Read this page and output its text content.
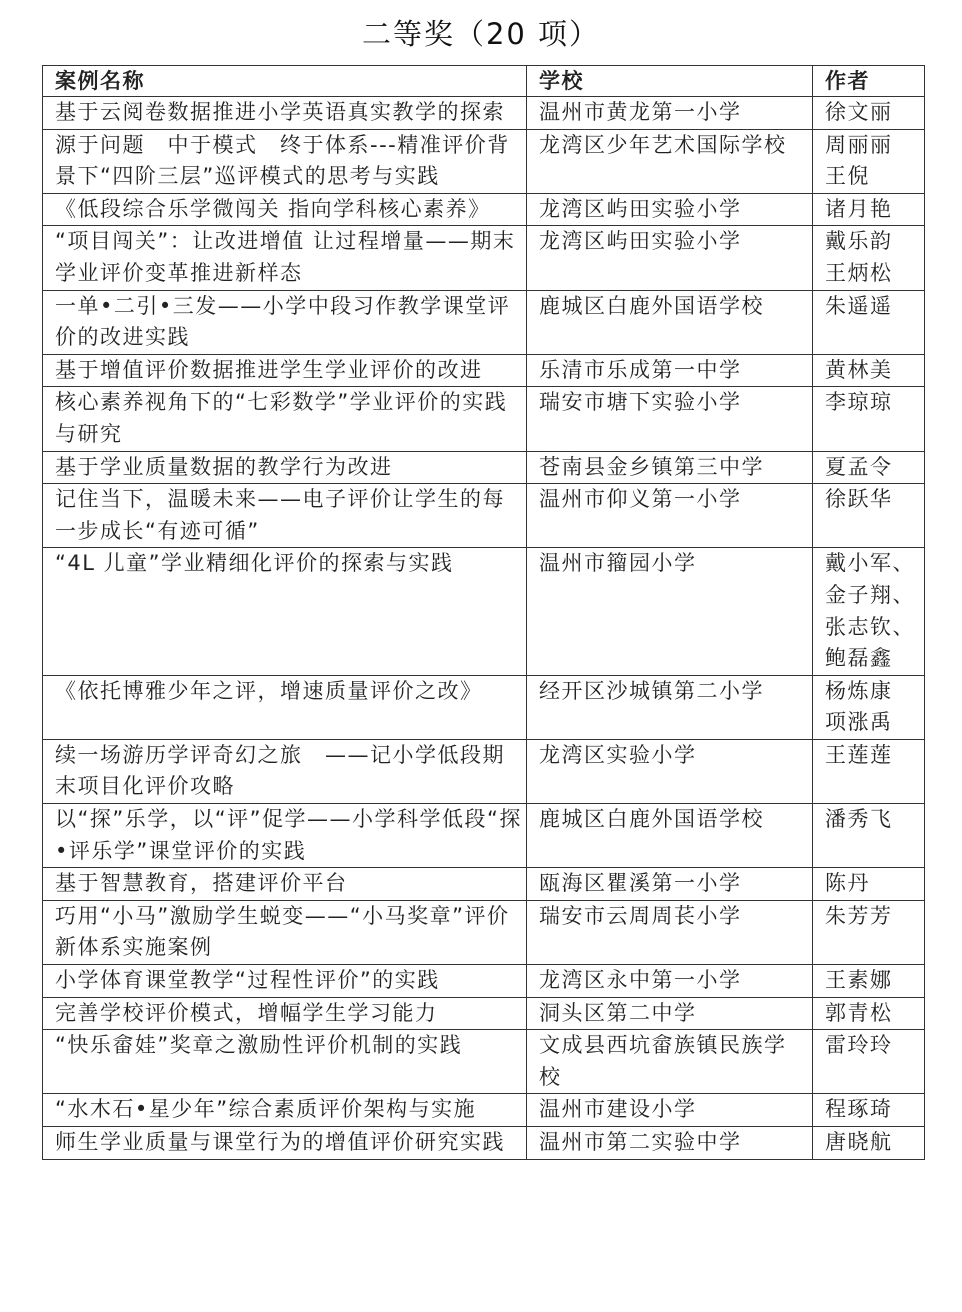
二等奖（20 项）
案例名称	学校	作者
基于云阅卷数据推进小学英语真实教学的探索	温州市黄龙第一小学	徐文丽
源于问题　中于模式　终于体系---精准评价背景下“四阶三层”巡评模式的思考与实践	龙湾区少年艺术国际学校	周丽丽 王倪
《低段综合乐学微闯关 指向学科核心素养》	龙湾区屿田实验小学	诸月艳
“项目闯关”：让改进增值 让过程增量——期末学业评价变革推进新样态	龙湾区屿田实验小学	戴乐韵 王炳松
一单•二引•三发——小学中段习作教学课堂评价的改进实践	鹿城区白鹿外国语学校	朱遥遥
基于增值评价数据推进学生学业评价的改进	乐清市乐成第一中学	黄林美
核心素养视角下的“七彩数学”学业评价的实践与研究	瑞安市塘下实验小学	李琼琼
基于学业质量数据的教学行为改进	苍南县金乡镇第三中学	夏孟令
记住当下，温暖未来——电子评价让学生的每一步成长“有迹可循”	温州市仰义第一小学	徐跃华
“4L 儿童”学业精细化评价的探索与实践	温州市籀园小学	戴小军、金子翔、张志钦、鲍磊鑫
《依托博雅少年之评，增速质量评价之改》	经开区沙城镇第二小学	杨炼康 项涨禹
续一场游历学评奇幻之旅　——记小学低段期末项目化评价攻略	龙湾区实验小学	王莲莲
以“探”乐学，以“评”促学——小学科学低段“探•评乐学”课堂评价的实践	鹿城区白鹿外国语学校	潘秀飞
基于智慧教育，搭建评价平台	瓯海区瞿溪第一小学	陈丹
巧用“小马”激励学生蜕变——“小马奖章”评价新体系实施案例	瑞安市云周周苌小学	朱芳芳
小学体育课堂教学“过程性评价”的实践	龙湾区永中第一小学	王素娜
完善学校评价模式，增幅学生学习能力	洞头区第二中学	郭青松
“快乐畲娃”奖章之激励性评价机制的实践	文成县西坑畲族镇民族学校	雷玲玲
“水木石•星少年”综合素质评价架构与实施	温州市建设小学	程琢琦
师生学业质量与课堂行为的增值评价研究实践	温州市第二实验中学	唐晓航
